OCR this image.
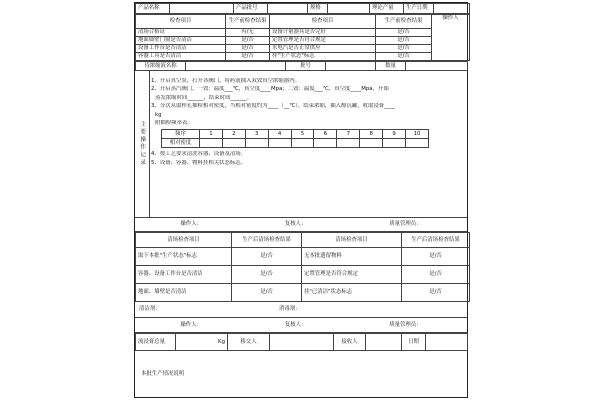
产品名称		产品批号		规格		理论产量	生产日期	
检查项目	生产前检查结果	检查项目	生产前检查结果	操作人
清场合格证	有/无	设备计量器具是否完好	是/否	
地面墙壁门窗是否清洁	是/否	定置管理是否符合规定	是/否	
设备工作台是否清洁	是/否	水电汽是否正常供应	是/否	
容器工具是否清洁	是/否	挂"生产状态"标志	是/否	
待浓缩液名称		批号		数量	
主要操作记录

1、开启真空泵，打开各阀门，将药液抽入双效真空浓缩器内。

2、开启蒸汽阀门，一效：温度___℃，真空度____Mpa；二效：温度___℃，真空度____Mpa，开始

蒸发浓缩时间______，结束时间______。

3、分次从取样孔抽检相对密度，当相对密度约为____（__℃），结束浓缩，抽入醇沉罐，收取浸膏____

kg

附抽检频率表。

频序	1	2	3	4	5	6	7	8	9	10
相对密度										

4、按工艺要求清洗容器、设备及清场。

5、设备、容器、物料挂相关状态标志。

操作人：	复核人：	质量管理员：
清场检查项目	生产后清场检查结果	清场检查项目	生产后清场检查结果
取下本批"生产状态"标志	是/否	无本批遗留物料	是/否
容器、设备工作台是否清洁	是/否	定置管理是否符合规定	是/否
地面、墙壁是否清洁	是/否	挂"已清洁"状态标志	是/否
清洁剂：	消毒剂：
操作人：	复核人：	质量管理员：
流浸膏总量	Kg	移交人		接收人		日期	
本批生产情况说明
